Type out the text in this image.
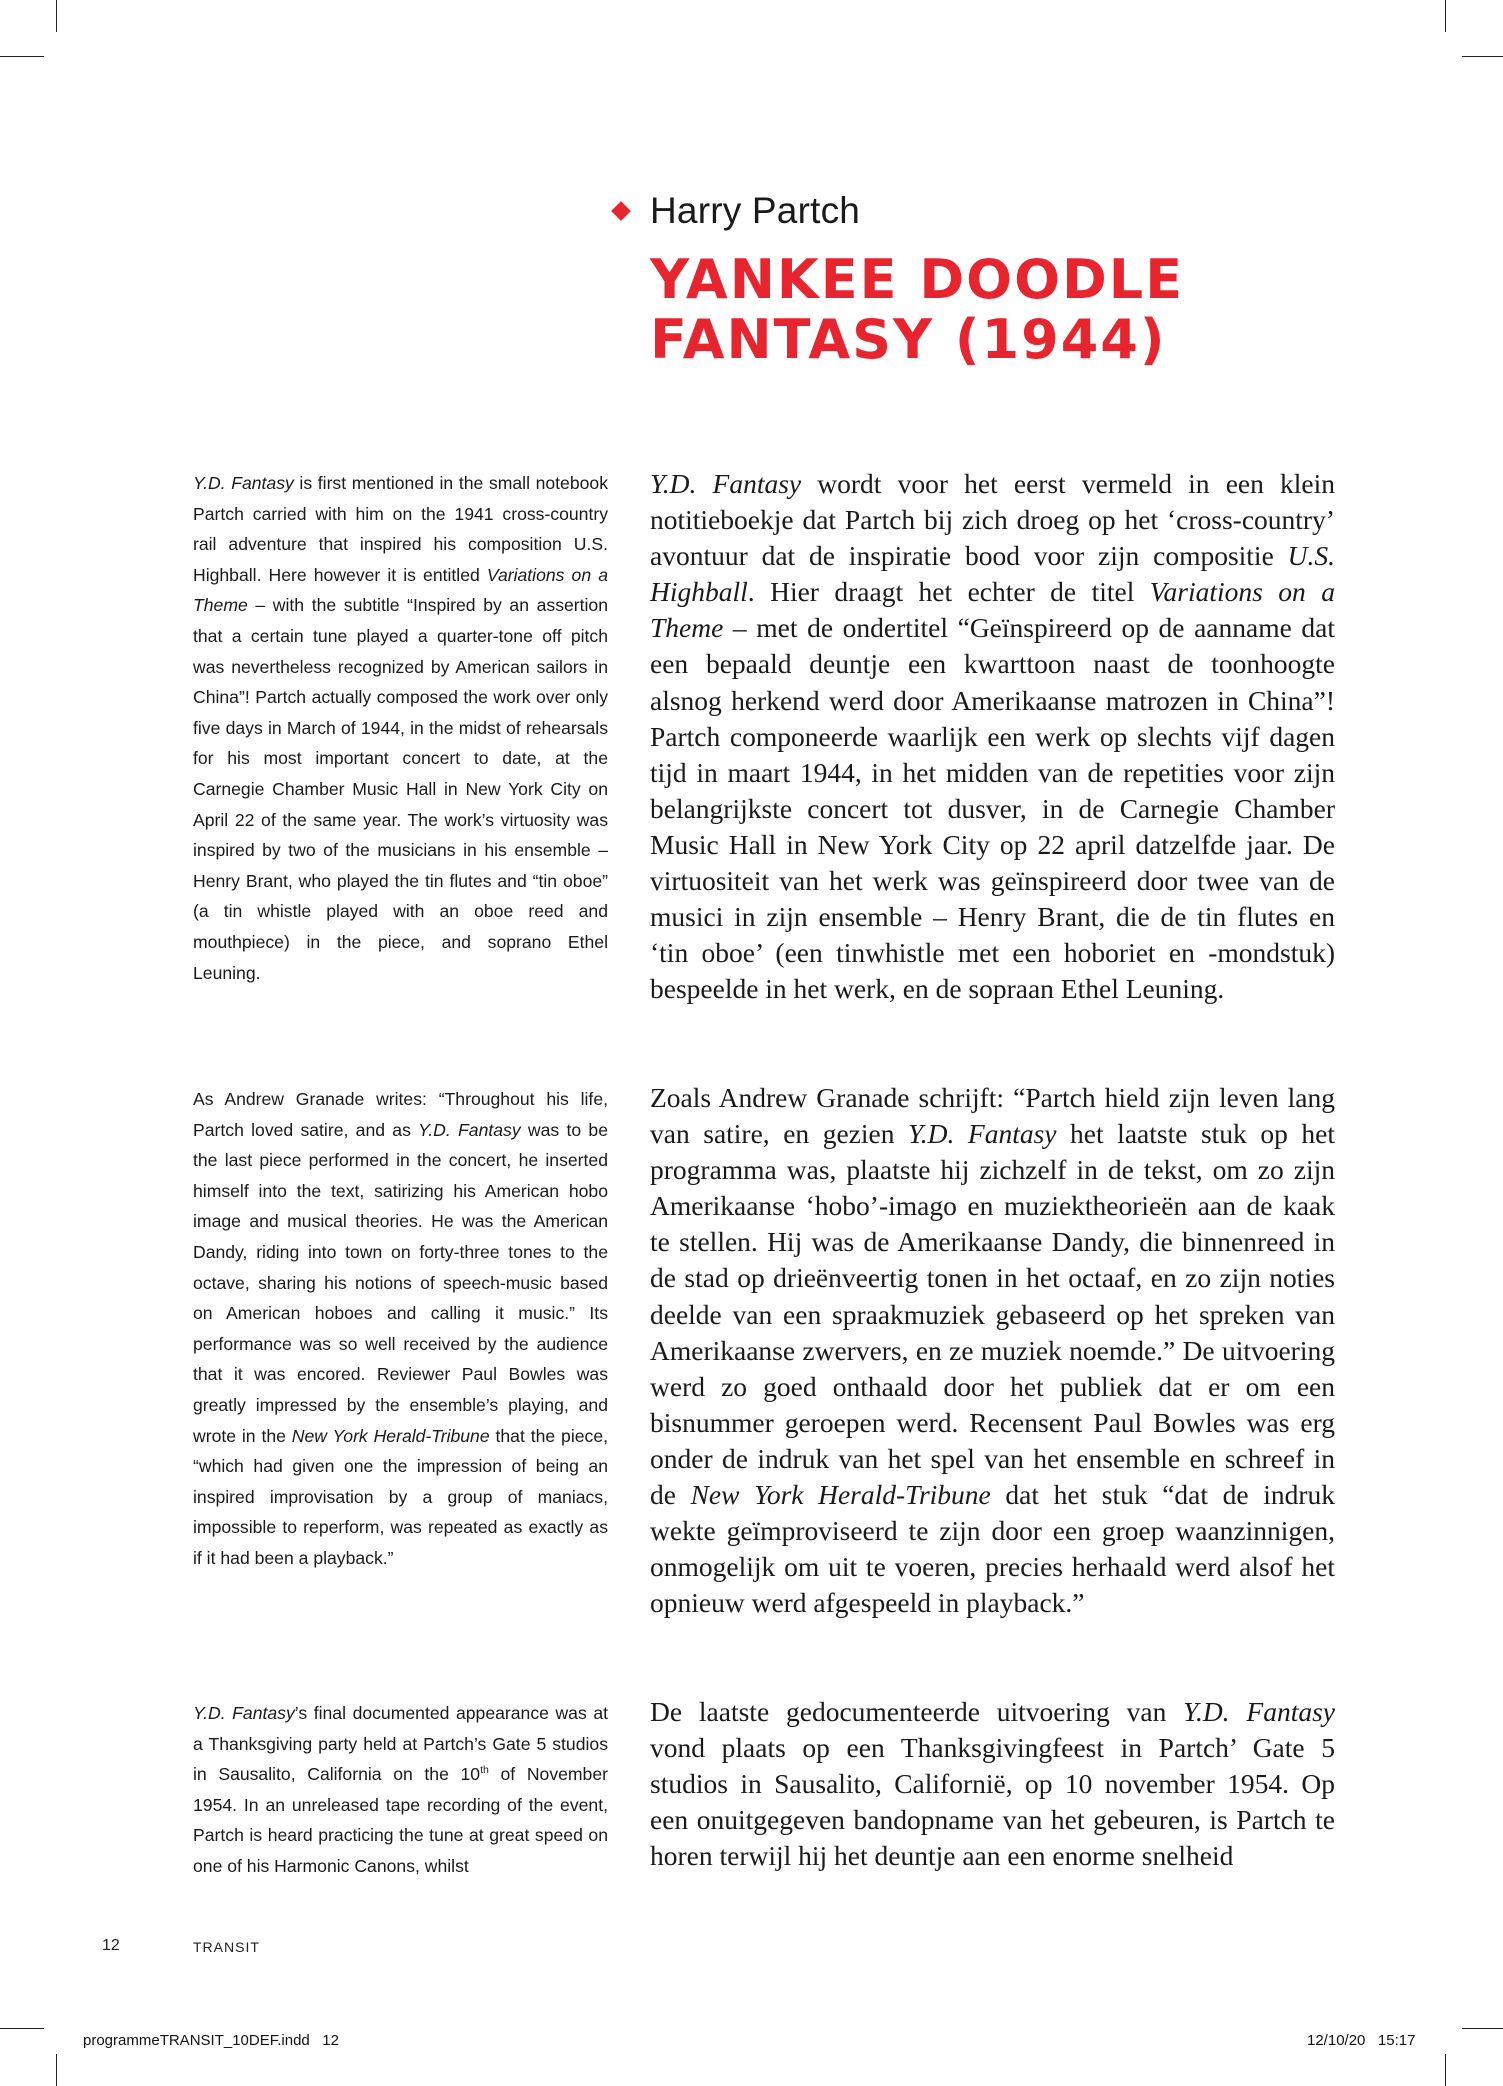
Harry Partch
YANKEE DOODLE FANTASY (1944)

Y.D. Fantasy is first mentioned in the small notebook Partch carried with him on the 1941 cross-country rail adventure that inspired his composition U.S. Highball. Here however it is entitled Variations on a Theme – with the subtitle “Inspired by an assertion that a certain tune played a quarter-tone off pitch was nevertheless recognized by American sailors in China”! Partch actually composed the work over only five days in March of 1944, in the midst of rehearsals for his most important concert to date, at the Carnegie Chamber Music Hall in New York City on April 22 of the same year. The work’s virtuosity was inspired by two of the musicians in his ensemble – Henry Brant, who played the tin flutes and “tin oboe” (a tin whistle played with an oboe reed and mouthpiece) in the piece, and soprano Ethel Leuning.

As Andrew Granade writes: “Throughout his life, Partch loved satire, and as Y.D. Fantasy was to be the last piece performed in the concert, he inserted himself into the text, satirizing his American hobo image and musical theories. He was the American Dandy, riding into town on forty-three tones to the octave, sharing his notions of speech-music based on American hoboes and calling it music.” Its performance was so well received by the audience that it was encored. Reviewer Paul Bowles was greatly impressed by the ensemble’s playing, and wrote in the New York Herald-Tribune that the piece, “which had given one the impression of being an inspired improvisation by a group of maniacs, impossible to reperform, was repeated as exactly as if it had been a playback.”

Y.D. Fantasy’s final documented appearance was at a Thanksgiving party held at Partch’s Gate 5 studios in Sausalito, California on the 10th of November 1954. In an unreleased tape recording of the event, Partch is heard practicing the tune at great speed on one of his Harmonic Canons, whilst

Y.D. Fantasy wordt voor het eerst vermeld in een klein notitieboekje dat Partch bij zich droeg op het ‘cross-country’ avontuur dat de inspiratie bood voor zijn compositie U.S. Highball. Hier draagt het echter de titel Variations on a Theme – met de ondertitel “Geïnspireerd op de aanname dat een bepaald deuntje een kwarttoon naast de toonhoogte alsnog herkend werd door Amerikaanse matrozen in China”! Partch componeerde waarlijk een werk op slechts vijf dagen tijd in maart 1944, in het midden van de repetities voor zijn belangrijkste concert tot dusver, in de Carnegie Chamber Music Hall in New York City op 22 april datzelfde jaar. De virtuositeit van het werk was geïnspireerd door twee van de musici in zijn ensemble – Henry Brant, die de tin flutes en ‘tin oboe’ (een tinwhistle met een hoboriet en -mondstuk) bespeelde in het werk, en de sopraan Ethel Leuning.

Zoals Andrew Granade schrijft: “Partch hield zijn leven lang van satire, en gezien Y.D. Fantasy het laatste stuk op het programma was, plaatste hij zichzelf in de tekst, om zo zijn Amerikaanse ‘hobo’-imago en muziektheorieën aan de kaak te stellen. Hij was de Amerikaanse Dandy, die binnenreed in de stad op drieënveertig tonen in het octaaf, en zo zijn noties deelde van een spraakmuziek gebaseerd op het spreken van Amerikaanse zwervers, en ze muziek noemde.” De uitvoering werd zo goed onthaald door het publiek dat er om een bisnummer geroepen werd. Recensent Paul Bowles was erg onder de indruk van het spel van het ensemble en schreef in de New York Herald-Tribune dat het stuk “dat de indruk wekte geïmproviseerd te zijn door een groep waanzinnigen, onmogelijk om uit te voeren, precies herhaald werd alsof het opnieuw werd afgespeeld in playback.”

De laatste gedocumenteerde uitvoering van Y.D. Fantasy vond plaats op een Thanksgivingfeest in Partch’ Gate 5 studios in Sausalito, Californië, op 10 november 1954. Op een onuitgegeven bandopname van het gebeuren, is Partch te horen terwijl hij het deuntje aan een enorme snelheid

12	TRANSIT
programmeTRANSIT_10DEF.indd   12	12/10/20   15:17
